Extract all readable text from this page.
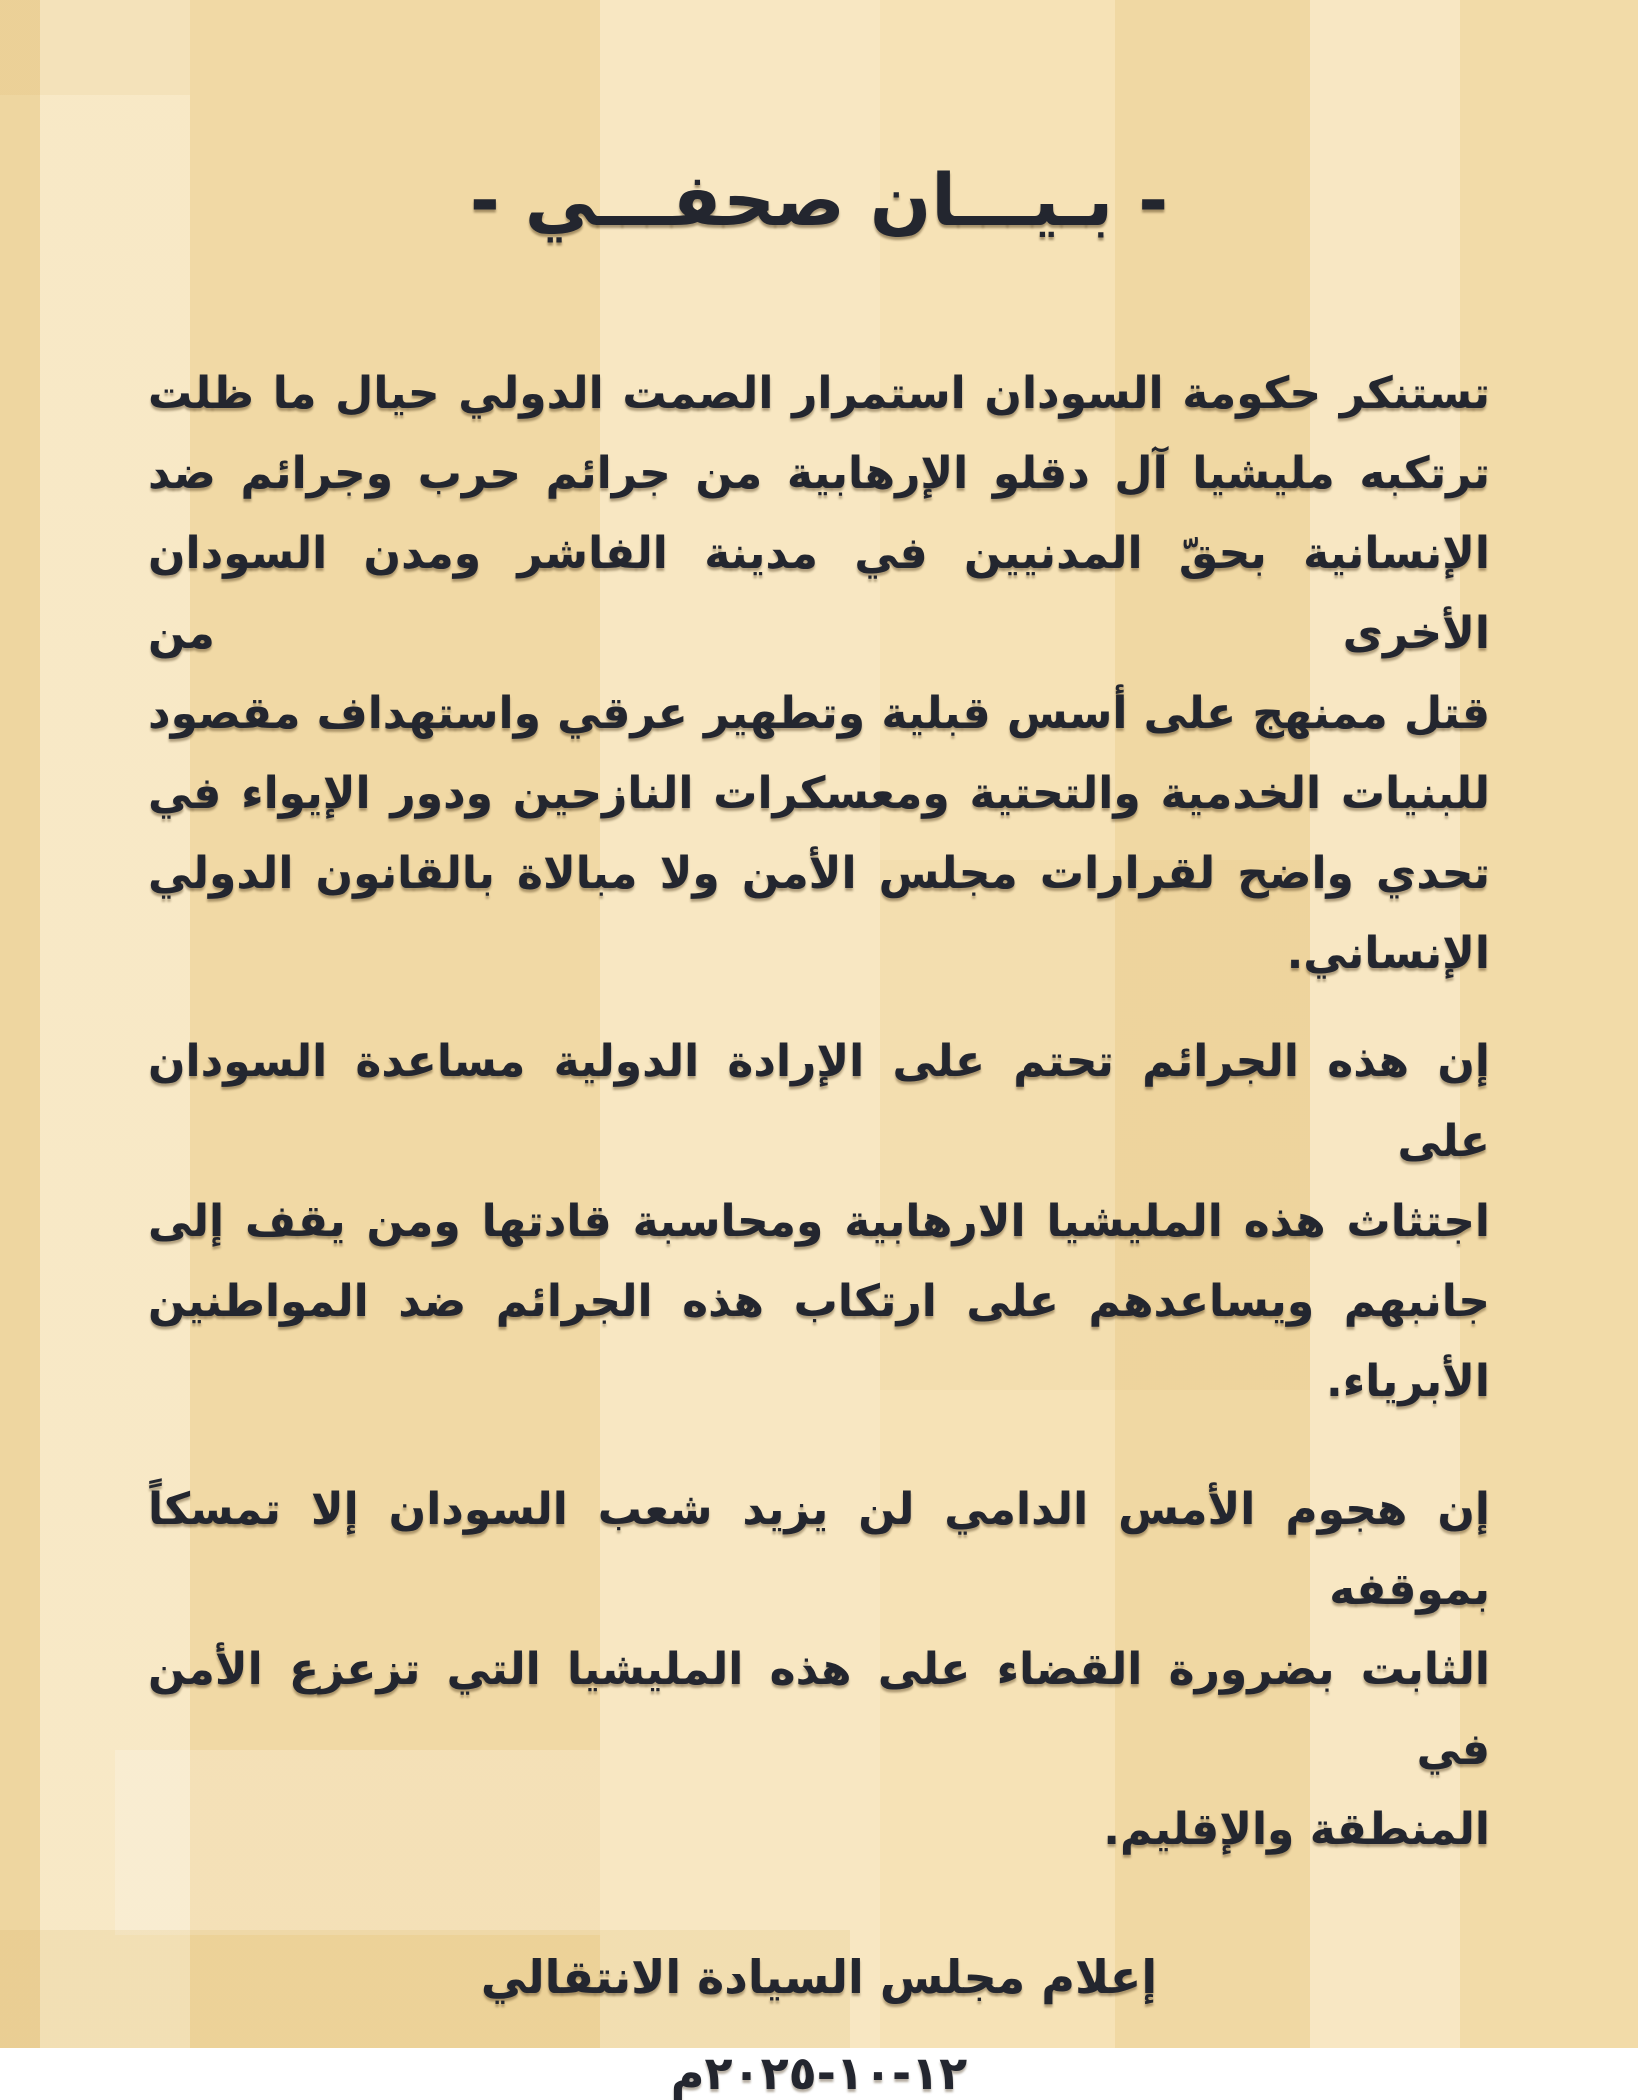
- بـيـــان صحفـــي -
تستنكر حكومة السودان استمرار الصمت الدولي حيال ما ظلت
ترتكبه مليشيا آل دقلو الإرهابية من جرائم حرب وجرائم ضد
الإنسانية بحقّ المدنيين في مدينة الفاشر ومدن السودان الأخرى من
قتل ممنهج على أسس قبلية وتطهير عرقي واستهداف مقصود
للبنيات الخدمية والتحتية ومعسكرات النازحين ودور الإيواء في
تحدي واضح لقرارات مجلس الأمن ولا مبالاة بالقانون الدولي
الإنساني.
إن هذه الجرائم تحتم على الإرادة الدولية مساعدة السودان على
اجتثاث هذه المليشيا الارهابية ومحاسبة قادتها ومن يقف إلى
جانبهم ويساعدهم على ارتكاب هذه الجرائم ضد المواطنين
الأبرياء.
إن هجوم الأمس الدامي لن يزيد شعب السودان إلا تمسكاً بموقفه
الثابت بضرورة القضاء على هذه المليشيا التي تزعزع الأمن في
المنطقة والإقليم.
إعلام مجلس السيادة الانتقالي
١٢-١٠-٢٠٢٥م
